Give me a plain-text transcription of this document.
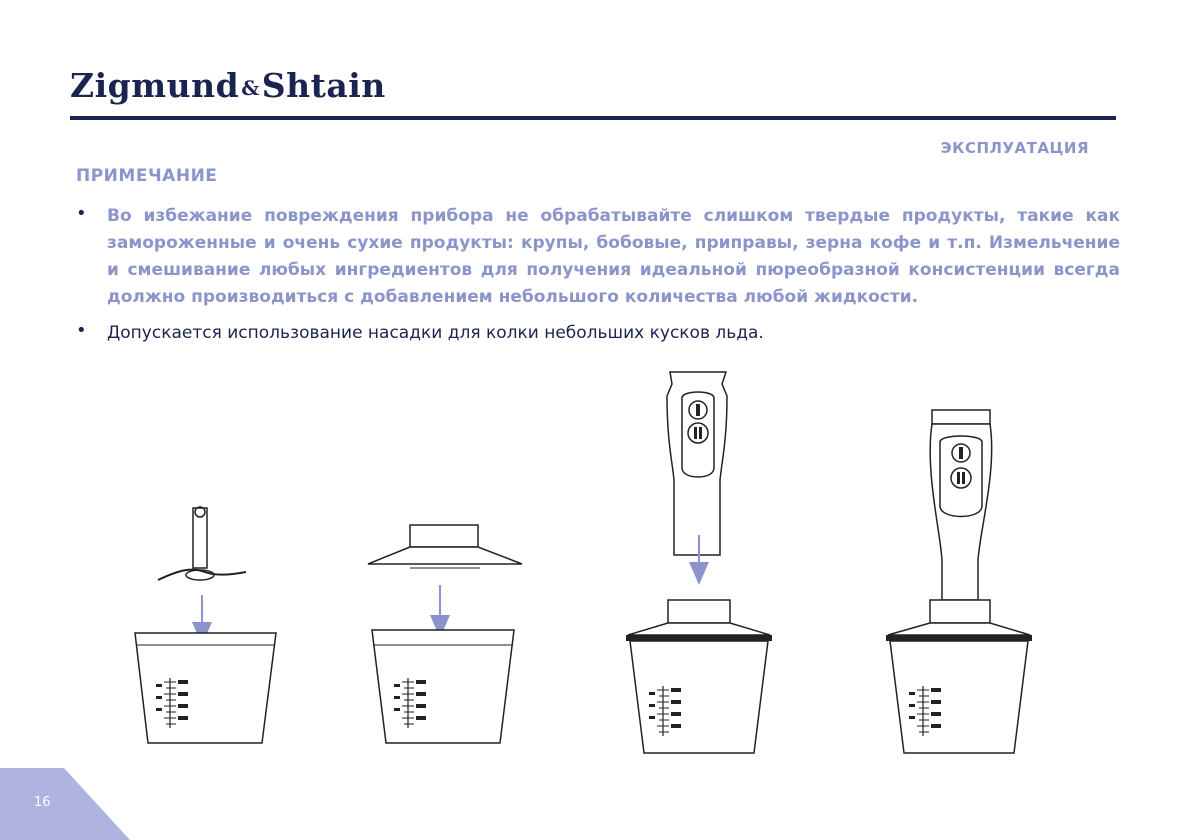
Zigmund &Shtain
ЭКСПЛУАТАЦИЯ
ПРИМЕЧАНИЕ
• Во избежание повреждения прибора не обрабатывайте слишком твердые продукты, такие как замороженные и очень сухие продукты: крупы, бобовые, приправы, зерна кофе и т.п. Измельчение и смешивание любых ингредиентов для получения идеальной пюреобразной консистенции всегда должно производиться с добавлением небольшого количества любой жидкости.
• Допускается использование насадки для колки небольших кусков льда.
16
